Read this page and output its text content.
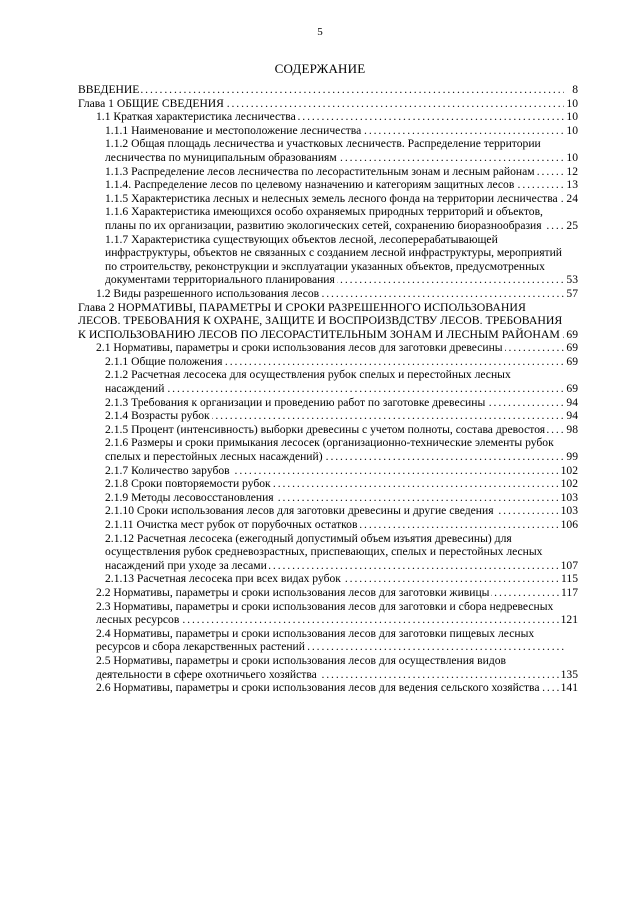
5
СОДЕРЖАНИЕ
ВВЕДЕНИЕ . . .	8
Глава 1 ОБЩИЕ СВЕДЕНИЯ . . .	10
1.1 Краткая характеристика лесничества . . .	10
1.1.1 Наименование и местоположение лесничества . . .	10
1.1.2 Общая площадь лесничества и участковых лесничеств. Распределение территории лесничества по муниципальным образованиям . . .	10
1.1.3 Распределение лесов лесничества по лесорастительным зонам и лесным районам . . .	12
1.1.4. Распределение лесов по целевому назначению и категориям защитных лесов . . .	13
1.1.5 Характеристика лесных и нелесных земель лесного фонда на территории лесничества . . . 24
1.1.6 Характеристика имеющихся особо охраняемых природных территорий и объектов, планы по их организации, развитию экологических сетей, сохранению биоразнообразия . . .	25
1.1.7 Характеристика существующих объектов лесной, лесоперерабатывающей инфраструктуры, объектов не связанных с созданием лесной инфраструктуры, мероприятий по строительству, реконструкции и эксплуатации указанных объектов, предусмотренных документами территориального планирования . . .	53
1.2 Виды разрешенного использования лесов . . .	57
Глава 2 НОРМАТИВЫ, ПАРАМЕТРЫ И СРОКИ РАЗРЕШЕННОГО ИСПОЛЬЗОВАНИЯ ЛЕСОВ. ТРЕБОВАНИЯ К ОХРАНЕ, ЗАЩИТЕ И ВОСПРОИЗВДСТВУ ЛЕСОВ. ТРЕБОВАНИЯ К ИСПОЛЬЗОВАНИЮ ЛЕСОВ ПО ЛЕСОРАСТИТЕЛЬНЫМ ЗОНАМ И ЛЕСНЫМ РАЙОНАМ . . . 69
2.1 Нормативы, параметры и сроки использования лесов для заготовки древесины . . .	69
2.1.1 Общие положения . . .	69
2.1.2 Расчетная лесосека для осуществления рубок спелых и перестойных лесных насаждений . . .	69
2.1.3 Требования к организации и проведению работ по заготовке древесины . . .	94
2.1.4 Возрасты рубок . . .	94
2.1.5 Процент (интенсивность) выборки древесины с учетом полноты, состава древостоя . . .	98
2.1.6 Размеры и сроки примыкания лесосек (организационно-технические элементы рубок спелых и перестойных лесных насаждений) . . .	99
2.1.7 Количество зарубов . . .	102
2.1.8 Сроки повторяемости рубок . . .	102
2.1.9 Методы лесовосстановления . . .	103
2.1.10 Сроки использования лесов для заготовки древесины и другие сведения . . .	103
2.1.11 Очистка мест рубок от порубочных остатков . . .	106
2.1.12 Расчетная лесосека (ежегодный допустимый объем изъятия древесины) для осуществления рубок средневозрастных, приспевающих, спелых и перестойных лесных насаждений при уходе за лесами . . .	107
2.1.13 Расчетная лесосека при всех видах рубок . . .	115
2.2 Нормативы, параметры и сроки использования лесов для заготовки живицы . . .	117
2.3 Нормативы, параметры и сроки использования лесов для заготовки и сбора недревесных лесных ресурсов . . .	121
2.4 Нормативы, параметры и сроки использования лесов для заготовки пищевых лесных ресурсов и сбора лекарственных растений . . .
2.5 Нормативы, параметры и сроки использования лесов для осуществления видов деятельности в сфере охотничьего хозяйства . . .	135
2.6 Нормативы, параметры и сроки использования лесов для ведения сельского хозяйства . . .	141
